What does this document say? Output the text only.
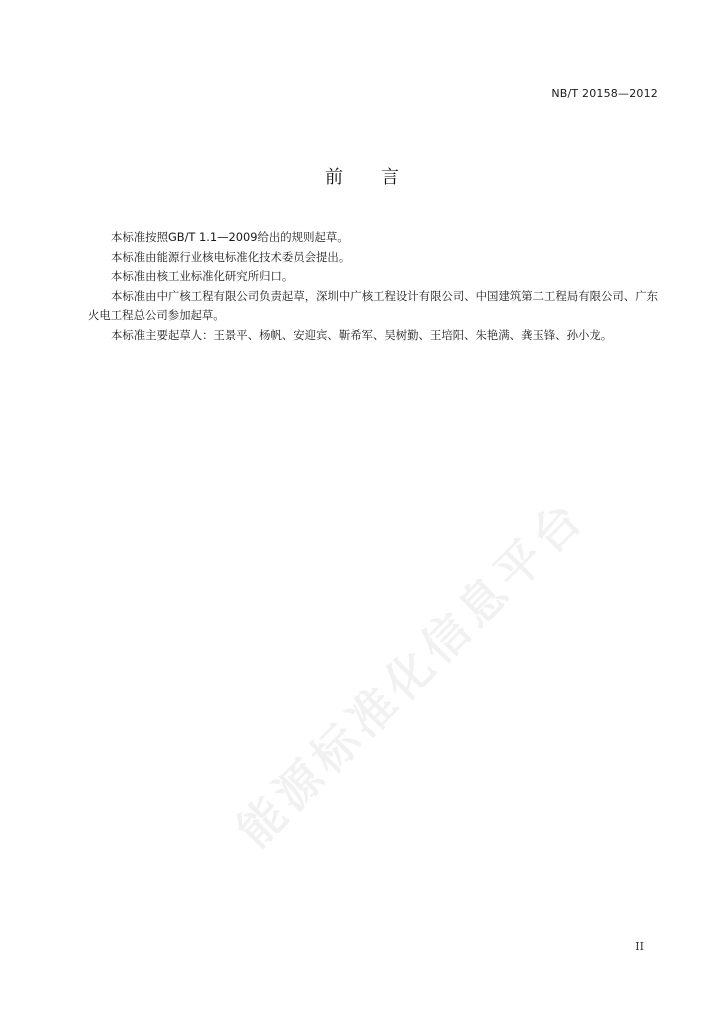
NB/T 20158—2012
前言

本标准按照GB/T 1.1—2009给出的规则起草。

本标准由能源行业核电标准化技术委员会提出。

本标准由核工业标准化研究所归口。

本标准由中广核工程有限公司负责起草，深圳中广核工程设计有限公司、中国建筑第二工程局有限公司、广东火电工程总公司参加起草。

本标准主要起草人：王景平、杨帆、安迎宾、靳希军、吴树勤、王培阳、朱艳满、龚玉锋、孙小龙。

能源标准化信息平台
II
